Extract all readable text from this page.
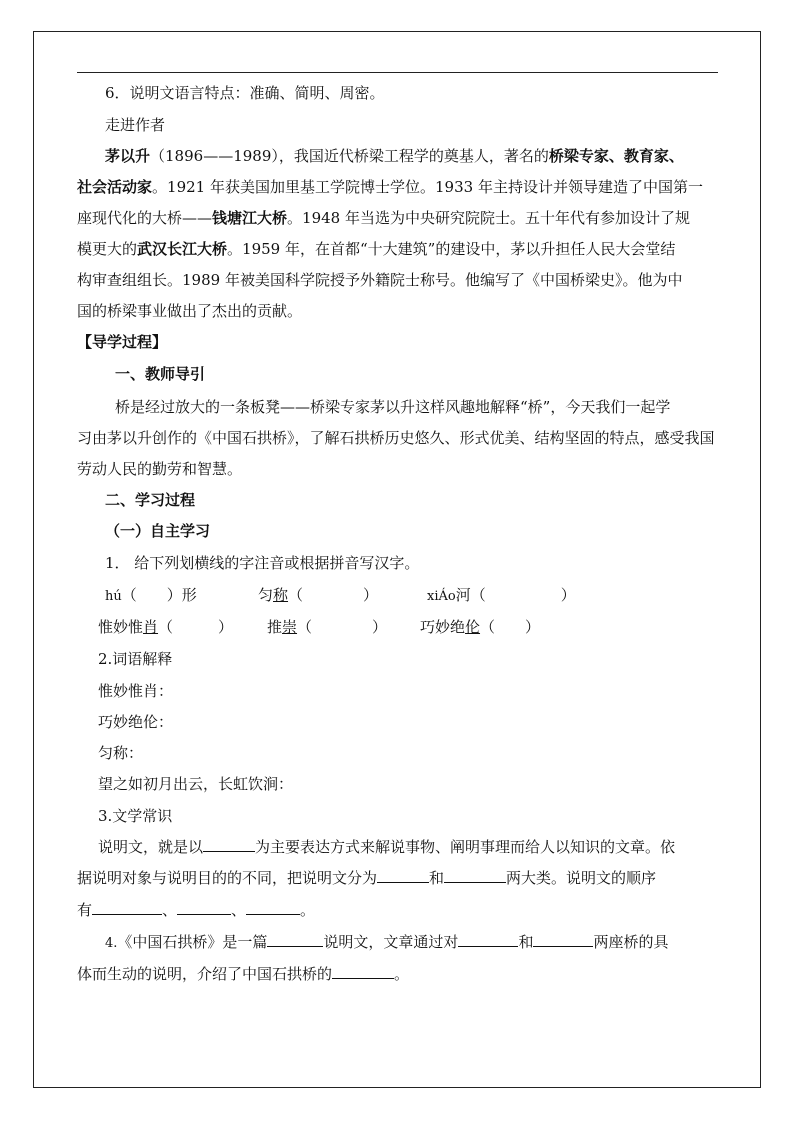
6．说明文语言特点：准确、简明、周密。
走进作者
茅以升（1896——1989），我国近代桥梁工程学的奠基人，著名的桥梁专家、教育家、
社会活动家。1921 年获美国加里基工学院博士学位。1933 年主持设计并领导建造了中国第一
座现代化的大桥——钱塘江大桥。1948 年当选为中央研究院院士。五十年代有参加设计了规
模更大的武汉长江大桥。1959 年，在首都“十大建筑”的建设中，茅以升担任人民大会堂结
构审查组组长。1989 年被美国科学院授予外籍院士称号。他编写了《中国桥梁史》。他为中
国的桥梁事业做出了杰出的贡献。
【导学过程】
一、教师导引
桥是经过放大的一条板凳——桥梁专家茅以升这样风趣地解释“桥”，今天我们一起学
习由茅以升创作的《中国石拱桥》，了解石拱桥历史悠久、形式优美、结构坚固的特点，感受我国
劳动人民的勤劳和智慧。
二、学习过程
（一）自主学习
1． 给下列划横线的字注音或根据拼音写汉字。
hú（　　）形	匀称（　　　　）	xiÁo河（　　　　　）
惟妙惟肖（　　　） 推崇（　　　　） 巧妙绝伦（　　）
2.词语解释
惟妙惟肖：
巧妙绝伦：
匀称：
望之如初月出云，长虹饮涧：
3.文学常识
说明文，就是以	为主要表达方式来解说事物、阐明事理而给人以知识的文章。依
据说明对象与说明目的的不同，把说明文分为	和	两大类。说明文的顺序
有	、	、	。
4.《中国石拱桥》是一篇	说明文，文章通过对	和	两座桥的具
体而生动的说明，介绍了中国石拱桥的	。
